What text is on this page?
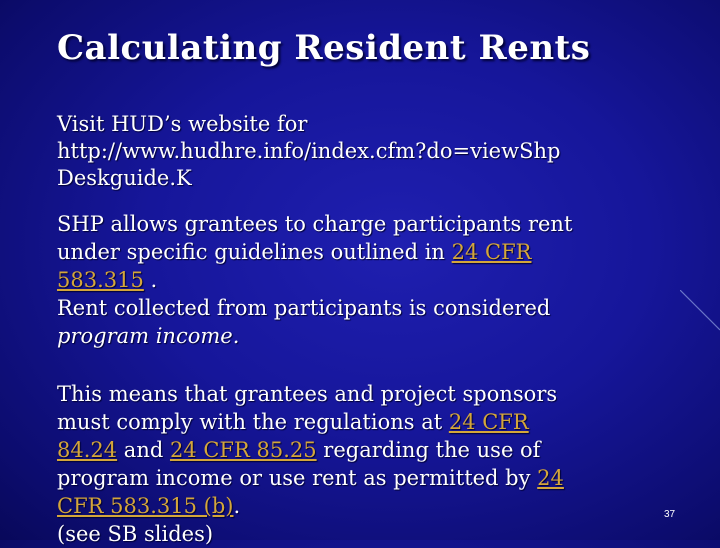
Calculating Resident Rents
Visit HUD’s website for
http://www.hudhre.info/index.cfm?do=viewShp
Deskguide.K
SHP allows grantees to charge participants rent
under specific guidelines outlined in 24 CFR
583.315 .
Rent collected from participants is considered
program income.
This means that grantees and project sponsors
must comply with the regulations at 24 CFR
84.24 and 24 CFR 85.25 regarding the use of
program income or use rent as permitted by 24
CFR 583.315 (b).
(see SB slides)
37
